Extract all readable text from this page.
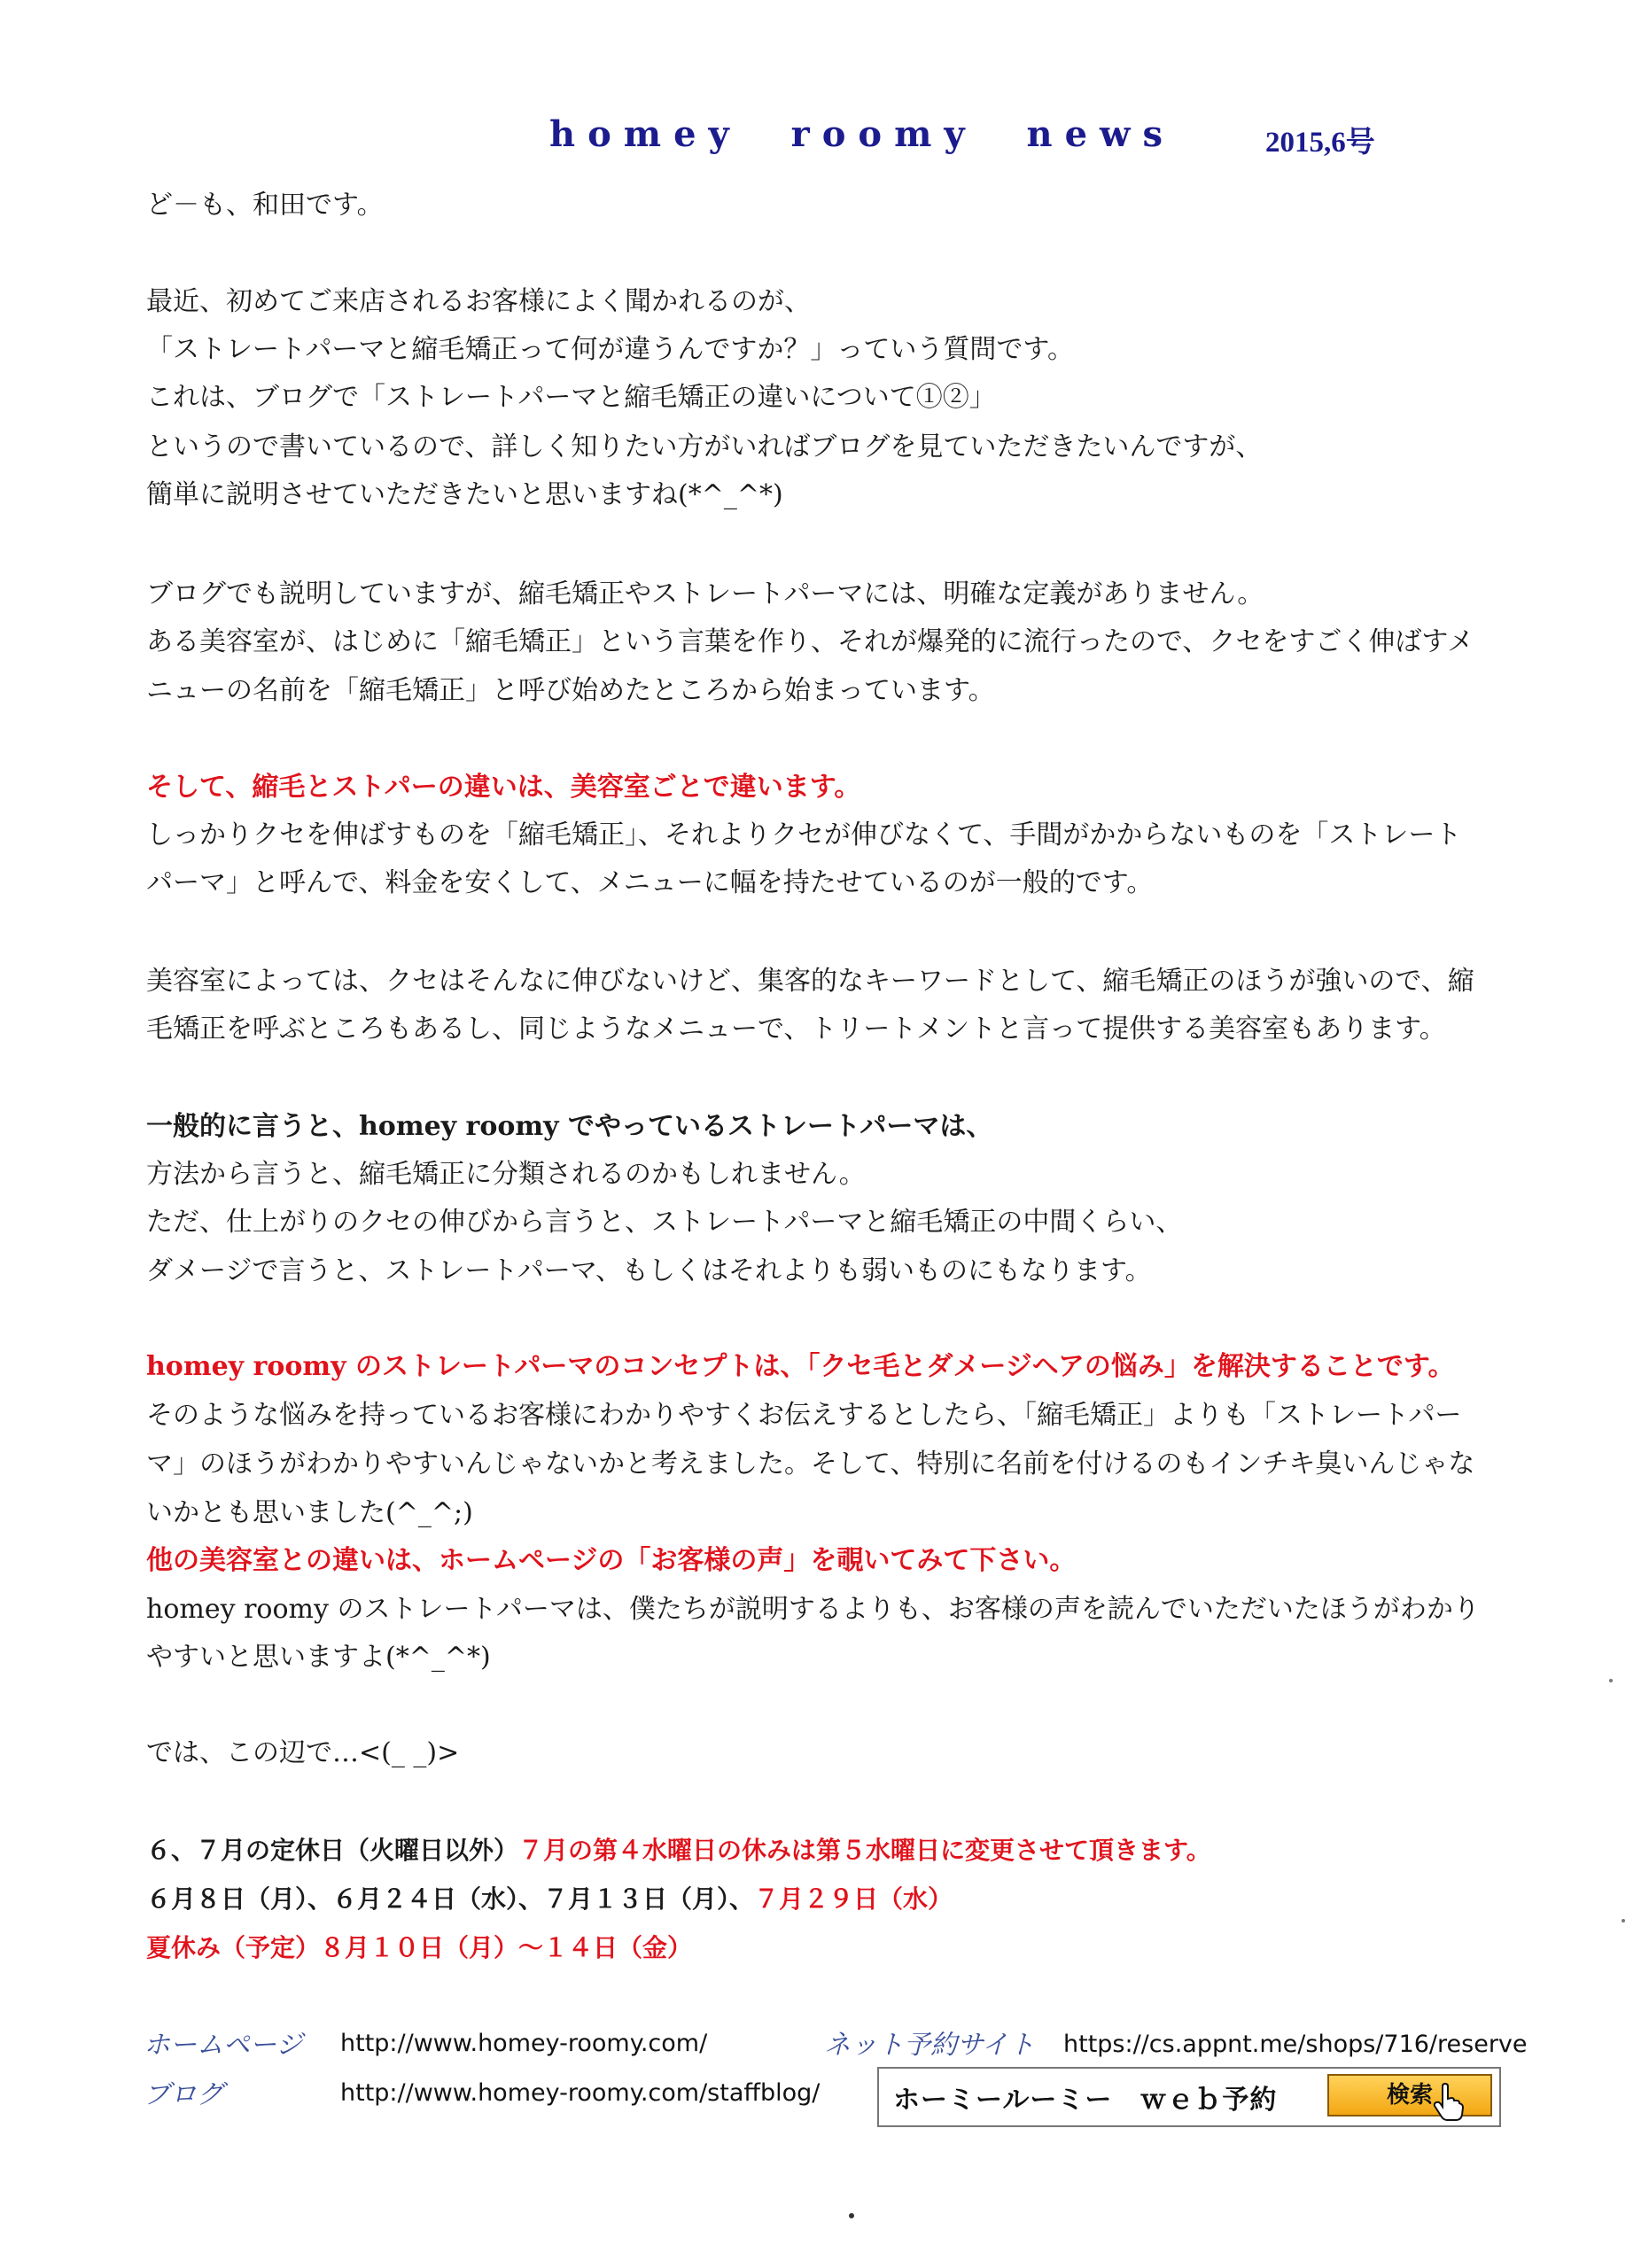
homey  roomy  news	2015,6号
ど－も、和田です。
最近、初めてご来店されるお客様によく聞かれるのが、
「ストレートパーマと縮毛矯正って何が違うんですか？」っていう質問です。
これは、ブログで「ストレートパーマと縮毛矯正の違いについて①②」
というので書いているので、詳しく知りたい方がいればブログを見ていただきたいんですが、
簡単に説明させていただきたいと思いますね(*^_^*)
ブログでも説明していますが、縮毛矯正やストレートパーマには、明確な定義がありません。
ある美容室が、はじめに「縮毛矯正」という言葉を作り、それが爆発的に流行ったので、クセをすごく伸ばすメ
ニューの名前を「縮毛矯正」と呼び始めたところから始まっています。
そして、縮毛とストパーの違いは、美容室ごとで違います。
しっかりクセを伸ばすものを「縮毛矯正」、それよりクセが伸びなくて、手間がかからないものを「ストレート
パーマ」と呼んで、料金を安くして、メニューに幅を持たせているのが一般的です。
美容室によっては、クセはそんなに伸びないけど、集客的なキーワードとして、縮毛矯正のほうが強いので、縮
毛矯正を呼ぶところもあるし、同じようなメニューで、トリートメントと言って提供する美容室もあります。
一般的に言うと、homey roomy でやっているストレートパーマは、
方法から言うと、縮毛矯正に分類されるのかもしれません。
ただ、仕上がりのクセの伸びから言うと、ストレートパーマと縮毛矯正の中間くらい、
ダメージで言うと、ストレートパーマ、もしくはそれよりも弱いものにもなります。
homey roomy のストレートパーマのコンセプトは、「クセ毛とダメージヘアの悩み」を解決することです。
そのような悩みを持っているお客様にわかりやすくお伝えするとしたら、「縮毛矯正」よりも「ストレートパー
マ」のほうがわかりやすいんじゃないかと考えました。そして、特別に名前を付けるのもインチキ臭いんじゃな
いかとも思いました(^_^;)
他の美容室との違いは、ホームページの「お客様の声」を覗いてみて下さい。
homey roomy のストレートパーマは、僕たちが説明するよりも、お客様の声を読んでいただいたほうがわかり
やすいと思いますよ(*^_^*)
では、この辺で…<(_ _)>
６、７月の定休日（火曜日以外）７月の第４水曜日の休みは第５水曜日に変更させて頂きます。
６月８日（月）、６月２４日（水）、７月１３日（月）、７月２９日（水）
夏休み（予定）８月１０日（月）～１４日（金）
ホームページ http://www.homey-roomy.com/
ブログ	http://www.homey-roomy.com/staffblog/
ネット予約サイト https://cs.appnt.me/shops/716/reserve
ホーミールーミー　ｗｅｂ予約	検索
